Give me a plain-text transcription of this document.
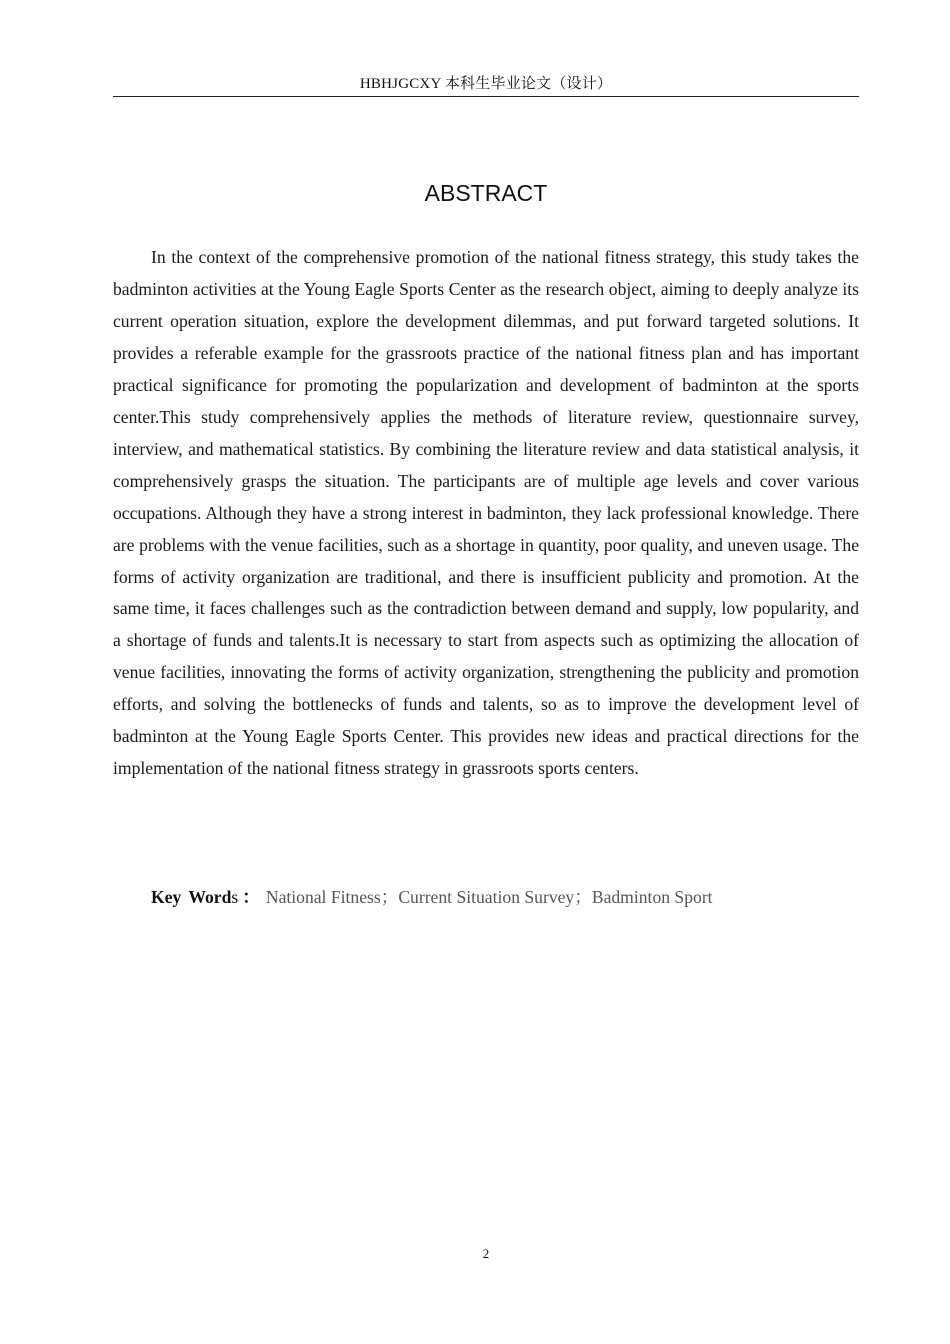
HBHJGCXY 本科生毕业论文（设计）
ABSTRACT

In the context of the comprehensive promotion of the national fitness strategy, this study takes the badminton activities at the Young Eagle Sports Center as the research object, aiming to deeply analyze its current operation situation, explore the development dilemmas, and put forward targeted solutions. It provides a referable example for the grassroots practice of the national fitness plan and has important practical significance for promoting the popularization and development of badminton at the sports center.This study comprehensively applies the methods of literature review, questionnaire survey, interview, and mathematical statistics. By combining the literature review and data statistical analysis, it comprehensively grasps the situation. The participants are of multiple age levels and cover various occupations. Although they have a strong interest in badminton, they lack professional knowledge. There are problems with the venue facilities, such as a shortage in quantity, poor quality, and uneven usage. The forms of activity organization are traditional, and there is insufficient publicity and promotion. At the same time, it faces challenges such as the contradiction between demand and supply, low popularity, and a shortage of funds and talents.It is necessary to start from aspects such as optimizing the allocation of venue facilities, innovating the forms of activity organization, strengthening the publicity and promotion efforts, and solving the bottlenecks of funds and talents, so as to improve the development level of badminton at the Young Eagle Sports Center. This provides new ideas and practical directions for the implementation of the national fitness strategy in grassroots sports centers.

Key Words ： National Fitness；Current Situation Survey；Badminton Sport
2
